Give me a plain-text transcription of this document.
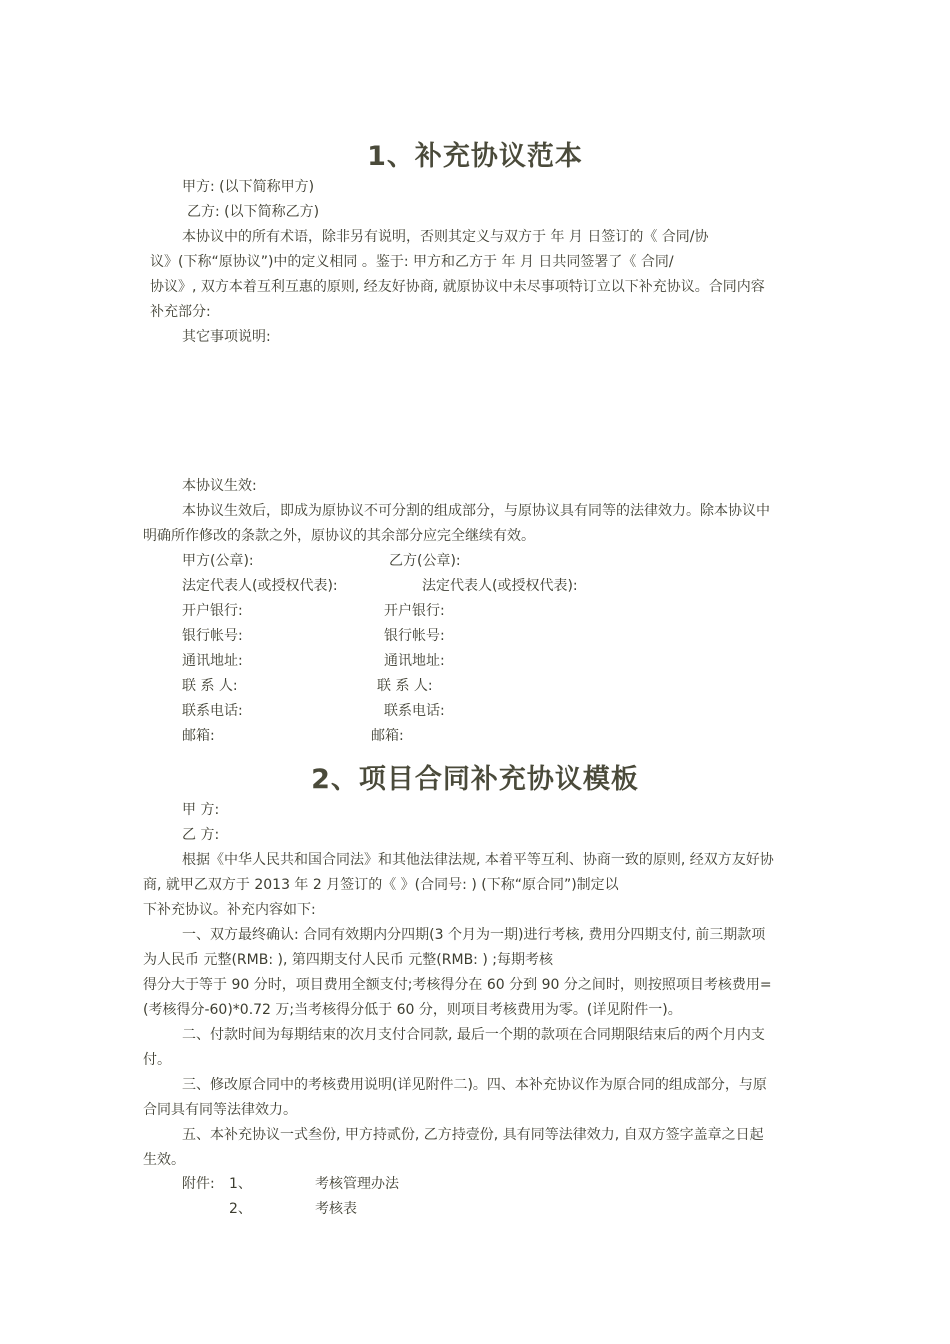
1、补充协议范本
甲方: (以下简称甲方)
乙方: (以下简称乙方)
本协议中的所有术语，除非另有说明，否则其定义与双方于 年 月 日签订的《 合同/协
议》(下称“原协议”)中的定义相同 。鉴于: 甲方和乙方于 年 月 日共同签署了《 合同/
协议》, 双方本着互利互惠的原则, 经友好协商, 就原协议中未尽事项特订立以下补充协议。合同内容
补充部分:
其它事项说明:
本协议生效:
本协议生效后，即成为原协议不可分割的组成部分，与原协议具有同等的法律效力。除本协议中
明确所作修改的条款之外，原协议的其余部分应完全继续有效。
甲方(公章):	乙方(公章):
法定代表人(或授权代表):	法定代表人(或授权代表):
开户银行:	开户银行:
银行帐号:	银行帐号:
通讯地址:	通讯地址:
联 系 人:	联 系 人:
联系电话:	联系电话:
邮箱:	邮箱:
2、项目合同补充协议模板
甲 方:
乙 方:
根据《中华人民共和国合同法》和其他法律法规, 本着平等互利、协商一致的原则, 经双方友好协
商, 就甲乙双方于 2013 年 2 月签订的《 》(合同号: ) (下称“原合同”)制定以
下补充协议。补充内容如下:
一、双方最终确认: 合同有效期内分四期(3 个月为一期)进行考核, 费用分四期支付, 前三期款项
为人民币 元整(RMB: ), 第四期支付人民币 元整(RMB: ) ;每期考核
得分大于等于 90 分时，项目费用全额支付;考核得分在 60 分到 90 分之间时，则按照项目考核费用=
(考核得分-60)*0.72 万;当考核得分低于 60 分，则项目考核费用为零。(详见附件一)。
二、付款时间为每期结束的次月支付合同款, 最后一个期的款项在合同期限结束后的两个月内支
付。
三、修改原合同中的考核费用说明(详见附件二)。四、本补充协议作为原合同的组成部分，与原
合同具有同等法律效力。
五、本补充协议一式叁份, 甲方持贰份, 乙方持壹份, 具有同等法律效力, 自双方签字盖章之日起
生效。
附件: 1、	考核管理办法
2、	考核表
